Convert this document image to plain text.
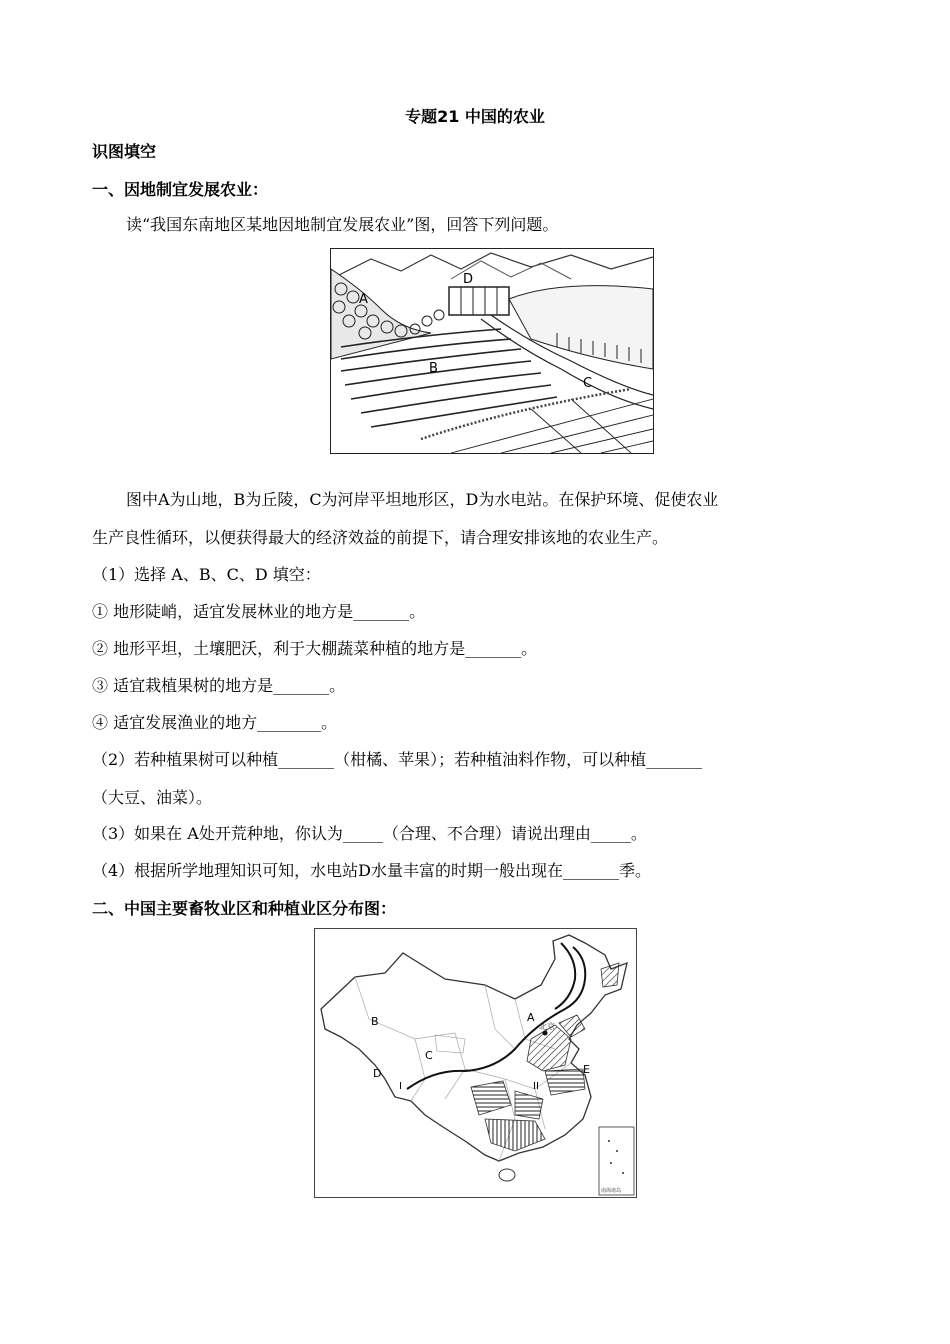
专题21 中国的农业
识图填空
一、因地制宜发展农业：
读“我国东南地区某地因地制宜发展农业”图，回答下列问题。
A
B
C
D
图中A为山地，B为丘陵，C为河岸平坦地形区，D为水电站。在保护环境、促使农业
生产良性循环，以便获得最大的经济效益的前提下，请合理安排该地的农业生产。
（1）选择 A、B、C、D 填空：
① 地形陡峭，适宜发展林业的地方是_______。
② 地形平坦，土壤肥沃，利于大棚蔬菜种植的地方是_______。
③ 适宜栽植果树的地方是_______。
④ 适宜发展渔业的地方________。
（2）若种植果树可以种植_______（柑橘、苹果）；若种植油料作物，可以种植_______
（大豆、油菜）。
（3）如果在 A处开荒种地，你认为_____（合理、不合理）请说出理由_____。
（4）根据所学地理知识可知，水电站D水量丰富的时期一般出现在_______季。
二、中国主要畜牧业区和种植业区分布图：
A
B
C
D	E
I	II
北京
南海诸岛
